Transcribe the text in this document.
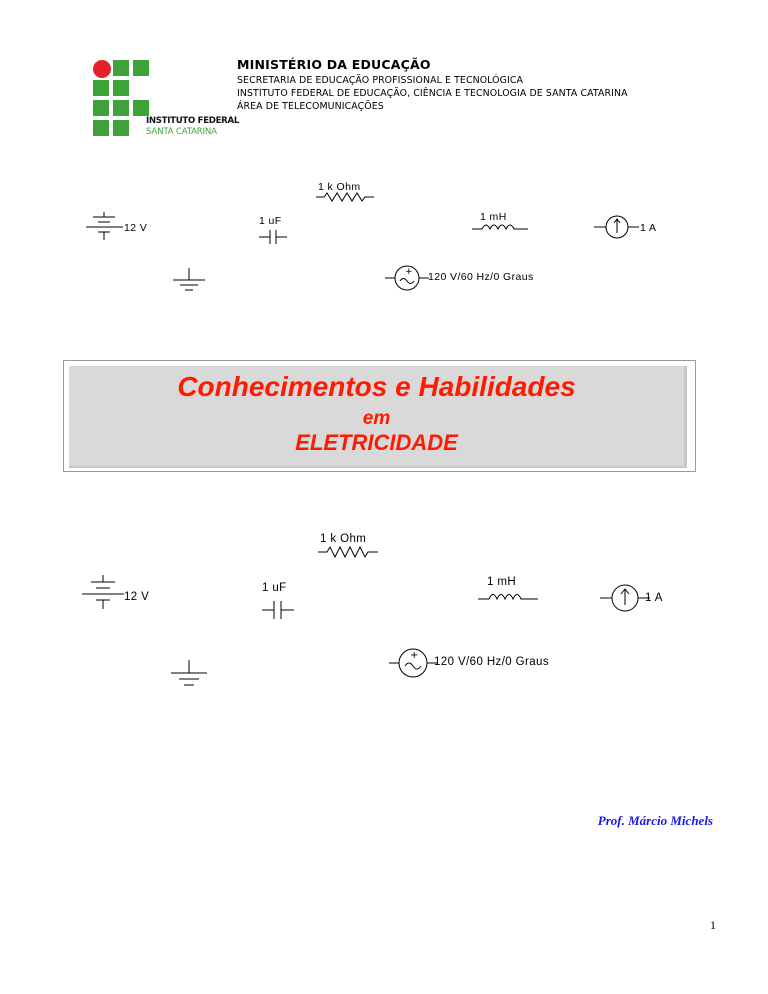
INSTITUTO FEDERAL
SANTA CATARINA
MINISTÉRIO DA EDUCAÇÃO
SECRETARIA DE EDUCAÇÃO PROFISSIONAL E TECNOLÓGICA
INSTITUTO FEDERAL DE EDUCAÇÃO, CIÊNCIA E TECNOLOGIA DE SANTA CATARINA
ÁREA DE TELECOMUNICAÇÕES
1 k Ohm
12 V
1 uF	1 mH
1 A
+ 120 V/60 Hz/0 Graus
Conhecimentos e Habilidades
em
ELETRICIDADE
1 k Ohm
12 V
1 uF	1 mH
1 A
+
120 V/60 Hz/0 Graus
Prof. Márcio Michels
1
